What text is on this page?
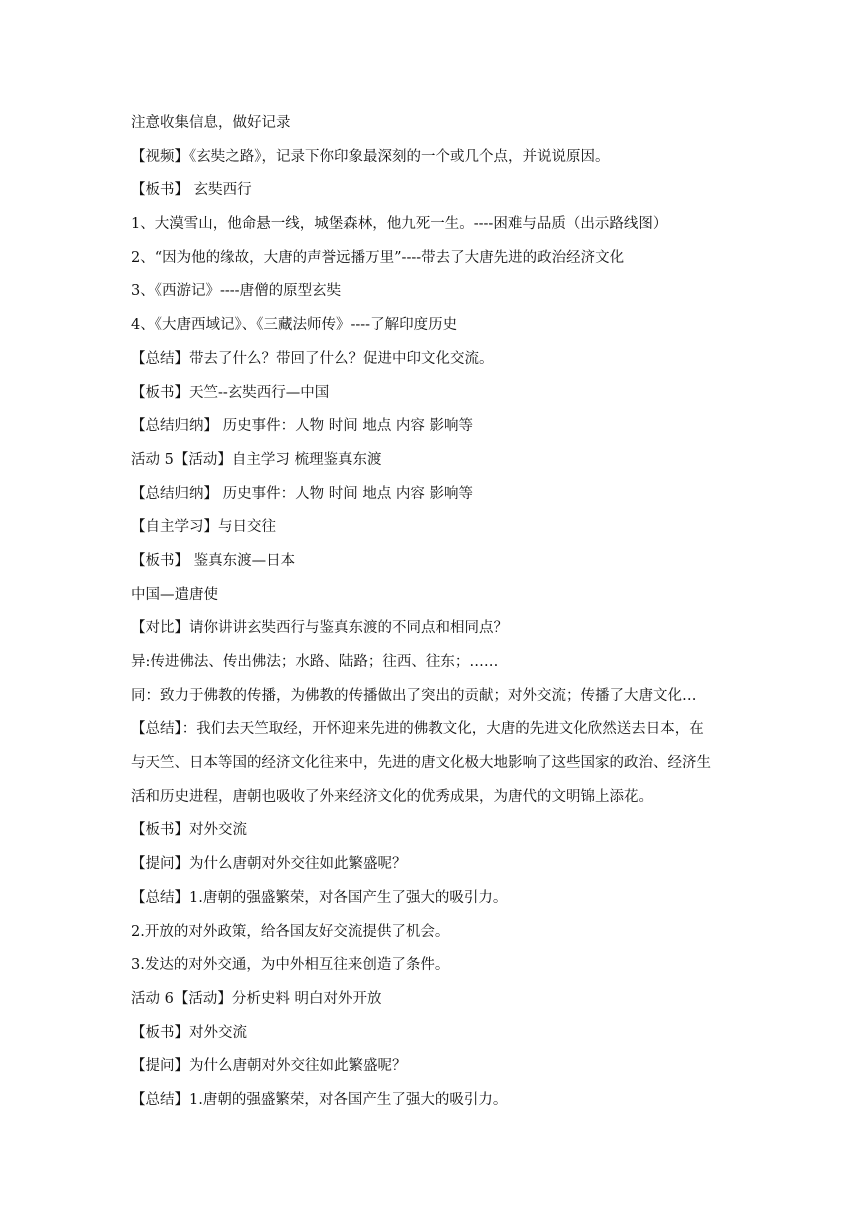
注意收集信息，做好记录
【视频】《玄奘之路》，记录下你印象最深刻的一个或几个点，并说说原因。
【板书】 玄奘西行
1、大漠雪山，他命悬一线，城堡森林，他九死一生。----困难与品质（出示路线图）
2、“因为他的缘故，大唐的声誉远播万里”----带去了大唐先进的政治经济文化
3、《西游记》----唐僧的原型玄奘
4、《大唐西域记》、《三藏法师传》----了解印度历史
【总结】带去了什么？带回了什么？促进中印文化交流。
【板书】天竺--玄奘西行—中国
【总结归纳】 历史事件：人物 时间 地点 内容 影响等
活动 5【活动】自主学习 梳理鉴真东渡
【总结归纳】 历史事件：人物 时间 地点 内容 影响等
【自主学习】与日交往
【板书】 鉴真东渡—日本
中国—遣唐使
【对比】请你讲讲玄奘西行与鉴真东渡的不同点和相同点？
异:传进佛法、传出佛法；水路、陆路；往西、往东；……
同：致力于佛教的传播，为佛教的传播做出了突出的贡献；对外交流；传播了大唐文化…
【总结】：我们去天竺取经，开怀迎来先进的佛教文化，大唐的先进文化欣然送去日本，在
与天竺、日本等国的经济文化往来中，先进的唐文化极大地影响了这些国家的政治、经济生
活和历史进程，唐朝也吸收了外来经济文化的优秀成果，为唐代的文明锦上添花。
【板书】对外交流
【提问】为什么唐朝对外交往如此繁盛呢？
【总结】1.唐朝的强盛繁荣，对各国产生了强大的吸引力。
2.开放的对外政策，给各国友好交流提供了机会。
3.发达的对外交通，为中外相互往来创造了条件。
活动 6【活动】分析史料 明白对外开放
【板书】对外交流
【提问】为什么唐朝对外交往如此繁盛呢？
【总结】1.唐朝的强盛繁荣，对各国产生了强大的吸引力。
